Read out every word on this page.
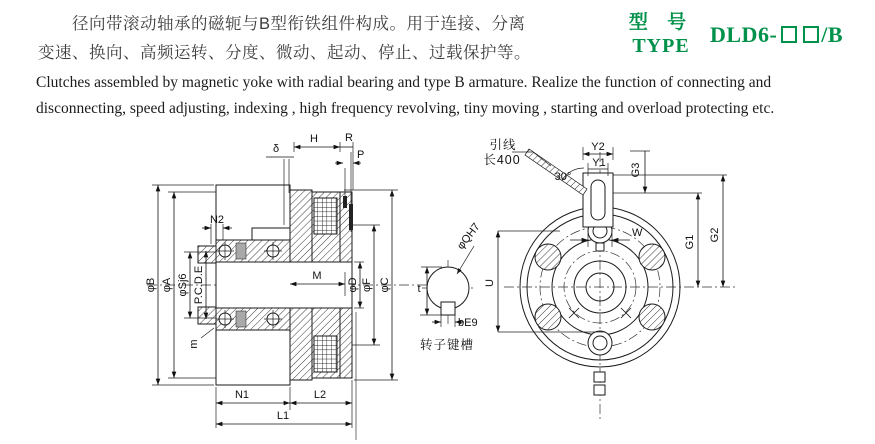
径向带滚动轴承的磁轭与B型衔铁组件构成。用于连接、分离
变速、换向、高频运转、分度、微动、起动、停止、过载保护等。
型 号
TYPE DLD6- /B
Clutches assembled by magnetic yoke with radial bearing and type B armature. Realize the function of connecting and
disconnecting, speed adjusting, indexing , high frequency revolving, tiny moving , starting and overload protecting etc.
δ
H R
P
N2
φB φA φSj6 P.C.D.E
m
M
φD φF φC
N1	L2
L1
t
φQH7
bE9
转子键槽
Y2
Y1 G3
G1 G2
W
U
30°
引线
长400
